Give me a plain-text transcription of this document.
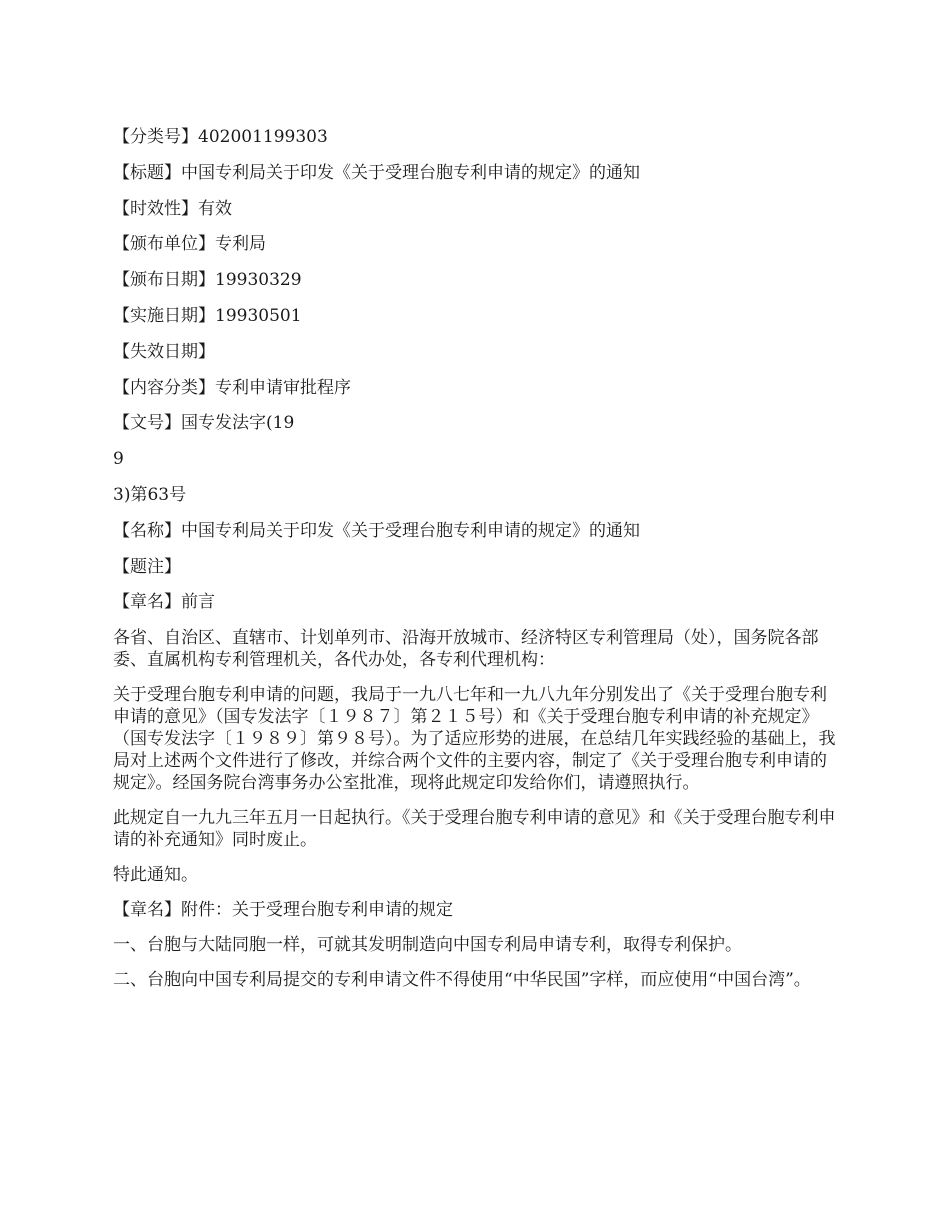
【分类号】402001199303
【标题】中国专利局关于印发《关于受理台胞专利申请的规定》的通知
【时效性】有效
【颁布单位】专利局
【颁布日期】19930329
【实施日期】19930501
【失效日期】
【内容分类】专利申请审批程序
【文号】国专发法字(19
9
3)第63号
【名称】中国专利局关于印发《关于受理台胞专利申请的规定》的通知
【题注】
【章名】前言
各省、自治区、直辖市、计划单列市、沿海开放城市、经济特区专利管理局（处），国务院各部委、直属机构专利管理机关，各代办处，各专利代理机构：
关于受理台胞专利申请的问题，我局于一九八七年和一九八九年分别发出了《关于受理台胞专利申请的意见》（国专发法字〔１９８７〕第２１５号）和《关于受理台胞专利申请的补充规定》（国专发法字〔１９８９〕第９８号）。为了适应形势的进展，在总结几年实践经验的基础上，我局对上述两个文件进行了修改，并综合两个文件的主要内容，制定了《关于受理台胞专利申请的规定》。经国务院台湾事务办公室批准，现将此规定印发给你们，请遵照执行。
此规定自一九九三年五月一日起执行。《关于受理台胞专利申请的意见》和《关于受理台胞专利申请的补充通知》同时废止。
特此通知。
【章名】附件：关于受理台胞专利申请的规定
一、台胞与大陆同胞一样，可就其发明制造向中国专利局申请专利，取得专利保护。
二、台胞向中国专利局提交的专利申请文件不得使用“中华民国”字样，而应使用“中国台湾”。
